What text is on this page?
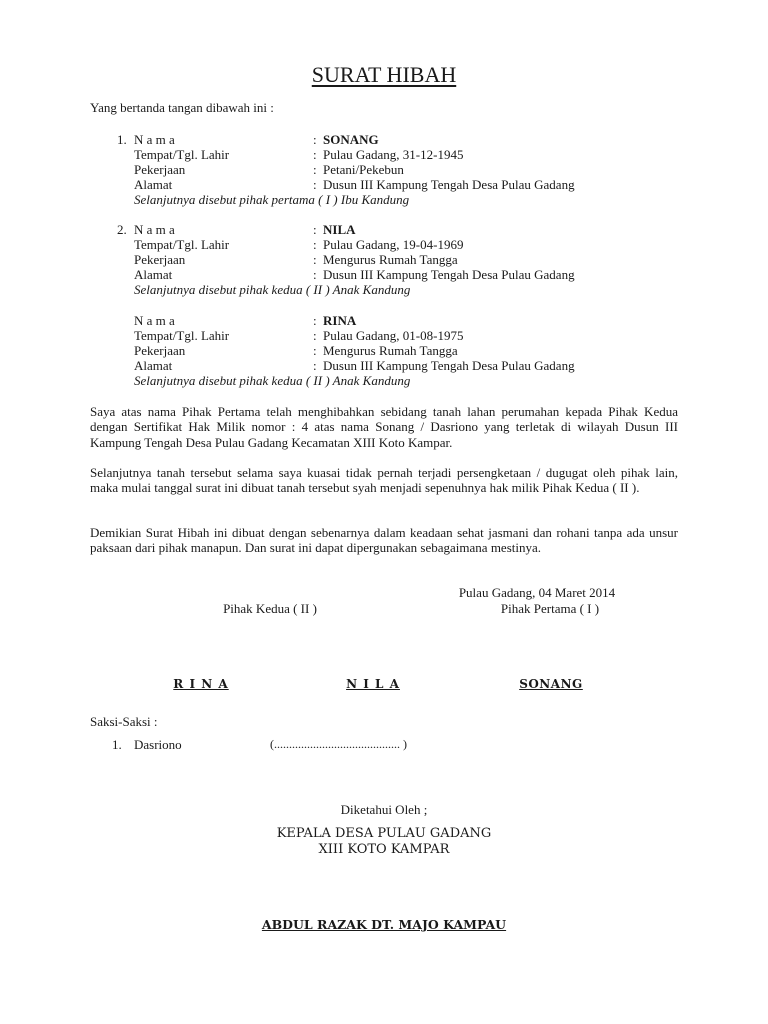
SURAT HIBAH
Yang bertanda tangan dibawah ini :
1. N a m a	: SONANG
Tempat/Tgl. Lahir	: Pulau Gadang, 31-12-1945
Pekerjaan	: Petani/Pekebun
Alamat	: Dusun III Kampung Tengah Desa Pulau Gadang
Selanjutnya disebut pihak pertama ( I ) Ibu Kandung
2. N a m a	: NILA
Tempat/Tgl. Lahir	: Pulau Gadang, 19-04-1969
Pekerjaan	: Mengurus Rumah Tangga
Alamat	: Dusun III Kampung Tengah Desa Pulau Gadang
Selanjutnya disebut pihak kedua ( II ) Anak Kandung
N a m a	: RINA
Tempat/Tgl. Lahir	: Pulau Gadang, 01-08-1975
Pekerjaan	: Mengurus Rumah Tangga
Alamat	: Dusun III Kampung Tengah Desa Pulau Gadang
Selanjutnya disebut pihak kedua ( II ) Anak Kandung

Saya atas nama Pihak Pertama telah menghibahkan sebidang tanah lahan perumahan kepada Pihak Kedua dengan Sertifikat Hak Milik nomor : 4 atas nama Sonang / Dasriono yang terletak di wilayah Dusun III Kampung Tengah Desa Pulau Gadang Kecamatan XIII Koto Kampar.

Selanjutnya tanah tersebut selama saya kuasai tidak pernah terjadi persengketaan / dugugat oleh pihak lain, maka mulai tanggal surat ini dibuat tanah tersebut syah menjadi sepenuhnya hak milik Pihak Kedua ( II ).

Demikian Surat Hibah ini dibuat dengan sebenarnya dalam keadaan sehat jasmani dan rohani tanpa ada unsur paksaan dari pihak manapun. Dan surat ini dapat dipergunakan sebagaimana mestinya.

Pulau Gadang, 04 Maret 2014
Pihak Kedua ( II )	Pihak Pertama ( I )
R I N A	N I L A	SONANG
Saksi-Saksi :
1. Dasriono	(.......................................... )
Diketahui Oleh ;
KEPALA DESA PULAU GADANG
XIII KOTO KAMPAR
ABDUL RAZAK DT. MAJO KAMPAU
